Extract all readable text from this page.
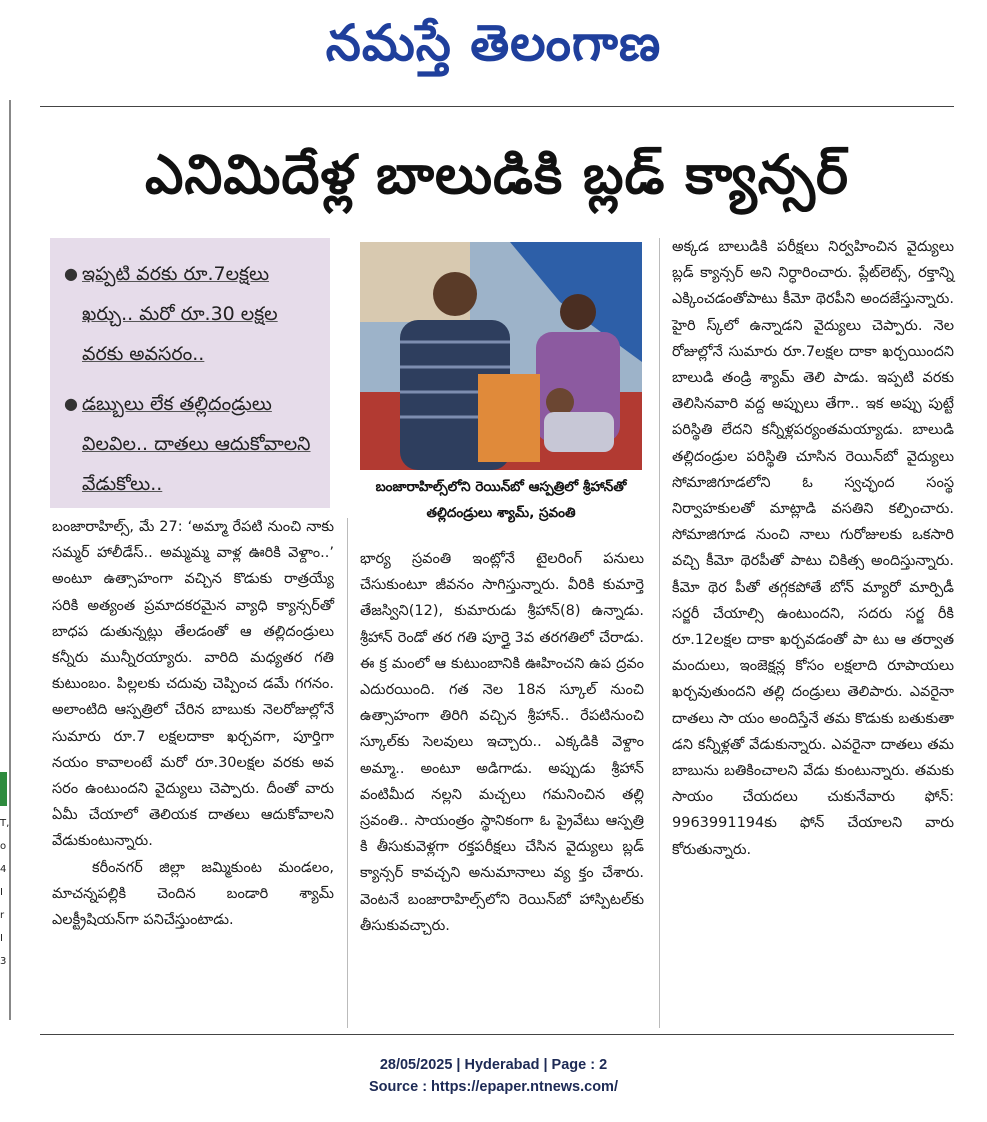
నమస్తే తెలంగాణ
T,
o
4
I
r
I
3
ఎనిమిదేళ్ల బాలుడికి బ్లడ్ క్యాన్సర్
● ఇప్పటి వరకు రూ.7లక్షలు ఖర్చు.. మరో రూ.30 లక్షల వరకు అవసరం..
● డబ్బులు లేక తల్లిదండ్రులు విలవిల.. దాతలు ఆదుకోవాలని వేడుకోలు..
బంజారాహిల్స్, మే 27: ‘అమ్మా రేపటి నుంచి నాకు సమ్మర్ హాలీడేస్.. అమ్మమ్మ వాళ్ల ఊరికి వెళ్దాం..’ అంటూ ఉత్సాహంగా వచ్చిన కొడుకు రాత్రయ్యే సరికి అత్యంత ప్రమాదకరమైన వ్యాధి క్యాన్సర్‌తో బాధప డుతున్నట్లు తేలడంతో ఆ తల్లిదండ్రులు కన్నీరు మున్నీరయ్యారు. వారిది మధ్యతర గతి కుటుంబం. పిల్లలకు చదువు చెప్పించ డమే గగనం. అలాంటిది ఆస్పత్రిలో చేరిన బాబుకు నెలరోజుల్లోనే సుమారు రూ.7 లక్షలదాకా ఖర్చవగా, పూర్తిగా నయం కావాలంటే మరో రూ.30లక్షల వరకు అవ సరం ఉంటుందని వైద్యులు చెప్పారు. దీంతో వారు ఏమీ చేయాలో తెలియక దాతలు ఆదుకోవాలని వేడుకుంటున్నారు.
కరీంనగర్ జిల్లా జమ్మికుంట మండలం, మాచన్నపల్లికి చెందిన బండారి శ్యామ్ ఎలక్ట్రీషియన్‌గా పనిచేస్తుంటాడు.
బంజారాహిల్స్‌లోని రెయిన్‌బో ఆస్పత్రిలో శ్రీహాన్‌తో తల్లిదండ్రులు శ్యామ్, స్రవంతి
భార్య స్రవంతి ఇంట్లోనే టైలరింగ్ పనులు చేసుకుంటూ జీవనం సాగిస్తున్నారు. వీరికి కుమార్తె తేజస్విని(12), కుమారుడు శ్రీహాన్(8) ఉన్నాడు. శ్రీహాన్ రెండో తర గతి పూర్తై 3వ తరగతిలో చేరాడు. ఈ క్ర మంలో ఆ కుటుంబానికి ఊహించని ఉప ద్రవం ఎదురయింది. గత నెల 18న స్కూల్ నుంచి ఉత్సాహంగా తిరిగి వచ్చిన శ్రీహాన్.. రేపటినుంచి స్కూల్‌కు సెలవులు ఇచ్చారు.. ఎక్కడికి వెళ్దాం అమ్మా.. అంటూ అడిగాడు. అప్పుడు శ్రీహాన్ వంటిమీద నల్లని మచ్చలు గమనించిన తల్లి స్రవంతి.. సాయంత్రం స్థానికంగా ఓ ప్రైవేటు ఆస్పత్రి కి తీసుకువెళ్లగా రక్తపరీక్షలు చేసిన వైద్యులు బ్లడ్ క్యాన్సర్ కావచ్చని అనుమానాలు వ్య క్తం చేశారు. వెంటనే బంజారాహిల్స్‌లోని రెయిన్‌బో హాస్పిటల్‌కు తీసుకువచ్చారు.
అక్కడ బాలుడికి పరీక్షలు నిర్వహించిన వైద్యులు బ్లడ్ క్యాన్సర్ అని నిర్ధారించారు. ప్లేట్‌లెట్స్, రక్తాన్ని ఎక్కించడంతోపాటు కీమో థెరపీని అందజేస్తున్నారు. హైరి స్క్‌లో ఉన్నాడని వైద్యులు చెప్పారు. నెల రోజుల్లోనే సుమారు రూ.7లక్షల దాకా ఖర్చయిందని బాలుడి తండ్రి శ్యామ్ తెలి పాడు. ఇప్పటి వరకు తెలిసినవారి వద్ద అప్పులు తేగా.. ఇక అప్పు పుట్టే పరిస్థితి లేదని కన్నీళ్లపర్యంతమయ్యాడు. బాలుడి తల్లిదండ్రుల పరిస్థితి చూసిన రెయిన్‌బో వైద్యులు సోమాజిగూడలోని ఓ స్వచ్ఛంద సంస్థ నిర్వాహకులతో మాట్లాడి వసతిని కల్పించారు. సోమాజిగూడ నుంచి నాలు గురోజులకు ఒకసారి వచ్చి కీమో థెరపీతో పాటు చికిత్స అందిస్తున్నారు. కీమో థెర పీతో తగ్గకపోతే బోన్ మ్యారో మార్పిడీ సర్జరీ చేయాల్సి ఉంటుందని, సదరు సర్జ రీకి రూ.12లక్షల దాకా ఖర్చవడంతో పా టు ఆ తర్వాత మందులు, ఇంజెక్షన్ల కోసం లక్షలాది రూపాయలు ఖర్చవుతుందని తల్లి దండ్రులు తెలిపారు. ఎవరైనా దాతలు సా యం అందిస్తేనే తమ కొడుకు బతుకుతా డని కన్నీళ్లతో వేడుకున్నారు. ఎవరైనా దాతలు తమ బాబును బతికించాలని వేడు కుంటున్నారు. తమకు సాయం చేయదలు చుకునేవారు ఫోన్: 9963991194కు ఫోన్ చేయాలని వారు కోరుతున్నారు.
28/05/2025 | Hyderabad | Page : 2
Source : https://epaper.ntnews.com/
